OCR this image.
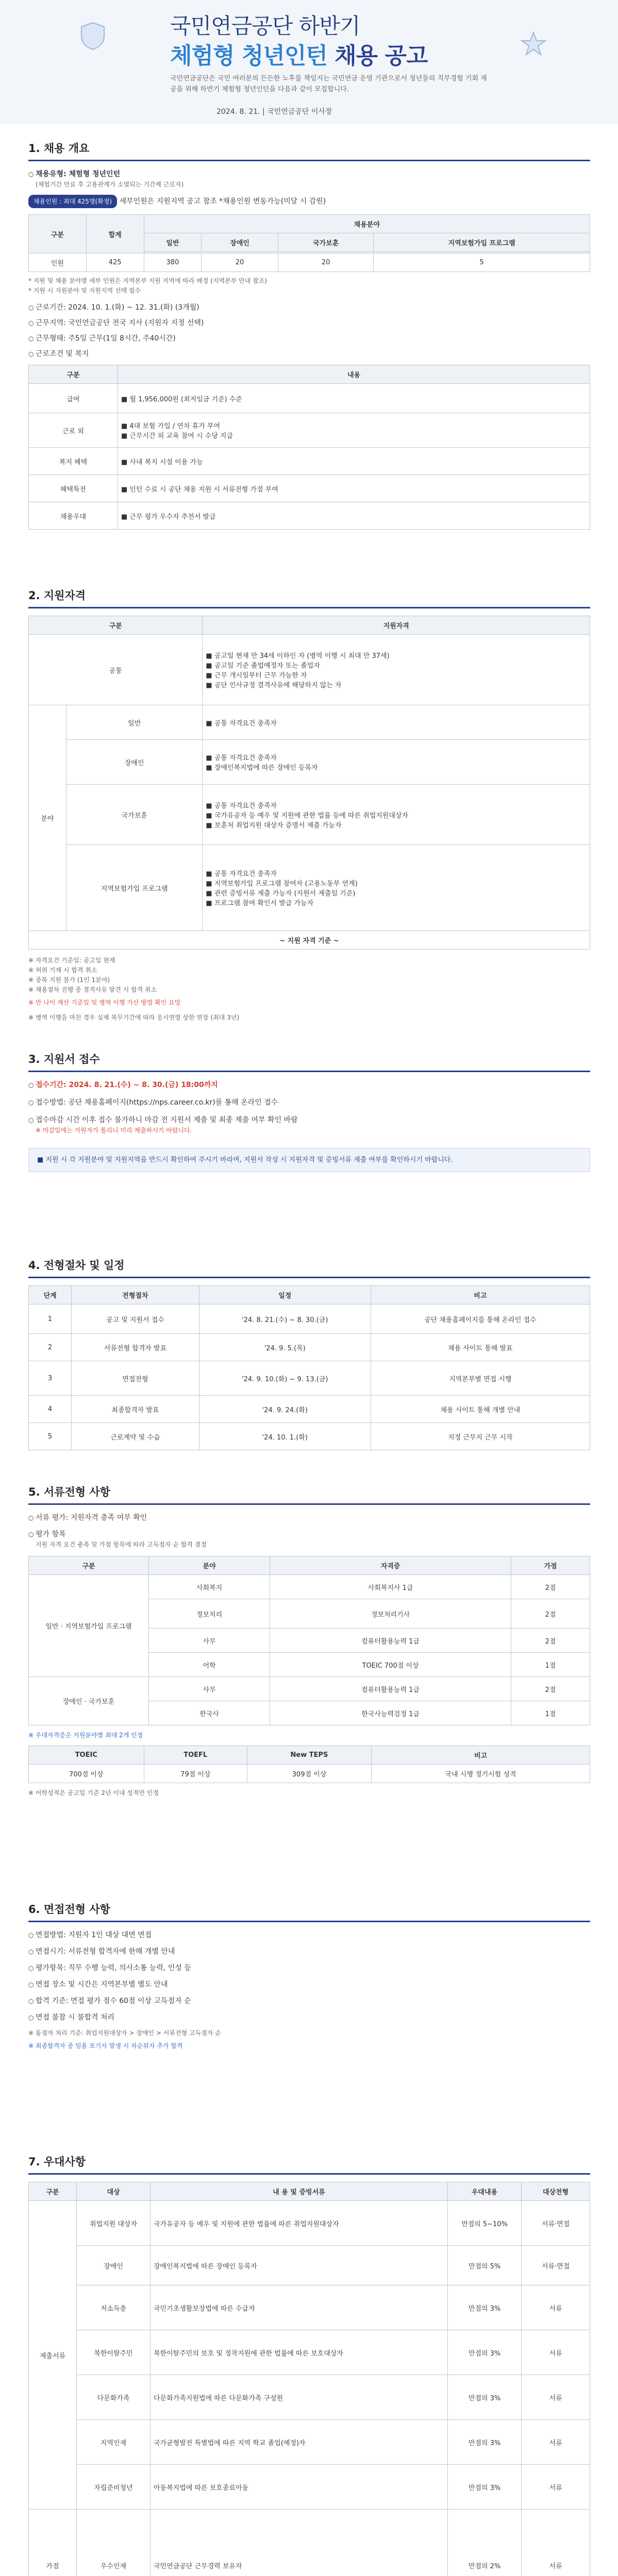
국민연금공단 하반기
체험형 청년인턴 채용 공고
국민연금공단은 국민 여러분의 든든한 노후를 책임지는 국민연금 운영 기관으로서 청년들의 직무경험 기회 제공을 위해 하반기 체험형 청년인턴을 다음과 같이 모집합니다.
2024. 8. 21. | 국민연금공단 이사장
1. 채용 개요

○ 채용유형: 체험형 청년인턴

(체험기간 만료 후 고용관계가 소멸되는 기간제 근로자)

채용인원 : 최대 425명(확정) 세부인원은 지원지역 공고 참조 *채용인원 변동가능(미달 시 감원)

구분	합계	채용분야			
		일반	장애인	국가보훈	지역보험가입 프로그램

인원	425	380	20	20	5

* 지원 및 채용 분야별 세부 인원은 지역본부 지원 지역에 따라 배정 (지역본부 안내 참조)

* 지원 시 지원분야 및 지원지역 선택 필수

○ 근로기간: 2024. 10. 1.(화) ~ 12. 31.(화) (3개월)

○ 근무지역: 국민연금공단 전국 지사 (지원자 지정 선택)

○ 근무형태: 주5일 근무(1일 8시간, 주40시간)

○ 근로조건 및 복지

구분	내용
급여	■ 월 1,956,000원 (최저임금 기준) 수준
근로 외	■ 4대 보험 가입 / 연차 휴가 부여
■ 근무시간 외 교육 참여 시 수당 지급
복지 혜택	■ 사내 복지 시설 이용 가능
혜택특전	■ 인턴 수료 시 공단 채용 지원 시 서류전형 가점 부여
채용우대	■ 근무 평가 우수자 추천서 발급
2. 지원자격
구분		지원자격
공통		■ 공고일 현재 만 34세 이하인 자 (병역 이행 시 최대 만 37세)
■ 공고일 기준 졸업예정자 또는 졸업자
■ 근무 개시일부터 근무 가능한 자
■ 공단 인사규정 결격사유에 해당하지 않는 자
분야	일반	■ 공통 자격요건 충족자
	장애인	■ 공통 자격요건 충족자
■ 장애인복지법에 따른 장애인 등록자
	국가보훈	■ 공통 자격요건 충족자
■ 국가유공자 등 예우 및 지원에 관한 법률 등에 따른 취업지원대상자
■ 보훈처 취업지원 대상자 증명서 제출 가능자
	지역보험가입 프로그램	■ 공통 자격요건 충족자
■ 지역보험가입 프로그램 참여자 (고용노동부 연계)
■ 관련 증빙서류 제출 가능자 (지원서 제출일 기준)
■ 프로그램 참여 확인서 발급 가능자
~ 지원 자격 기준 ~		

※ 자격요건 기준일: 공고일 현재

※ 허위 기재 시 합격 취소

※ 중복 지원 불가 (1인 1분야)

※ 채용절차 진행 중 결격사유 발견 시 합격 취소

※ 만 나이 계산 기준일 및 병역 이행 가산 방법 확인 요망

※ 병역 이행을 마친 경우 실제 복무기간에 따라 응시연령 상한 연장 (최대 3년)

3. 지원서 접수

○ 접수기간: 2024. 8. 21.(수) ~ 8. 30.(금) 18:00까지

○ 접수방법: 공단 채용홈페이지(https://nps.career.co.kr)를 통해 온라인 접수

○ 접수마감 시간 이후 접수 불가하니 마감 전 지원서 제출 및 최종 제출 여부 확인 바람

※ 마감일에는 지원자가 몰리니 미리 제출하시기 바랍니다.

■ 지원 시 각 지원분야 및 지원지역을 반드시 확인하여 주시기 바라며, 지원서 작성 시 지원자격 및 증빙서류 제출 여부를 확인하시기 바랍니다.
4. 전형절차 및 일정
단계	전형절차	일정	비고
1	공고 및 지원서 접수	'24. 8. 21.(수) ~ 8. 30.(금)	공단 채용홈페이지를 통해 온라인 접수
2	서류전형 합격자 발표	'24. 9. 5.(목)	채용 사이트 통해 발표
3	면접전형	'24. 9. 10.(화) ~ 9. 13.(금)	지역본부별 면접 시행
4	최종합격자 발표	'24. 9. 24.(화)	채용 사이트 통해 개별 안내
5	근로계약 및 수습	'24. 10. 1.(화)	지정 근무지 근무 시작
5. 서류전형 사항

○ 서류 평가: 지원자격 충족 여부 확인

○ 평가 항목

지원 자격 요건 충족 및 가점 항목에 따라 고득점자 순 합격 결정

구분	분야	자격증	가점
일반 · 지역보험가입 프로그램	사회복지	사회복지사 1급	2점
	정보처리	정보처리기사	2점
	사무	컴퓨터활용능력 1급	2점
	어학	TOEIC 700점 이상	1점
장애인 · 국가보훈	사무	컴퓨터활용능력 1급	2점
	한국사	한국사능력검정 1급	1점

※ 우대자격증은 지원분야별 최대 2개 인정

TOEIC	TOEFL	New TEPS	비고
700점 이상	79점 이상	309점 이상	국내 시행 정기시험 성적

※ 어학성적은 공고일 기준 2년 이내 성적만 인정

6. 면접전형 사항

○ 면접방법: 지원자 1인 대상 대면 면접

○ 면접시기: 서류전형 합격자에 한해 개별 안내

○ 평가항목: 직무 수행 능력, 의사소통 능력, 인성 등

○ 면접 장소 및 시간은 지역본부별 별도 안내

○ 합격 기준: 면접 평가 점수 60점 이상 고득점자 순

○ 면접 불참 시 불합격 처리

※ 동점자 처리 기준: 취업지원대상자 > 장애인 > 서류전형 고득점자 순

※ 최종합격자 중 임용 포기자 발생 시 차순위자 추가 합격

7. 우대사항
구분	대상	내 용 및 증빙서류	우대내용	대상전형
제출서류	취업지원 대상자	국가유공자 등 예우 및 지원에 관한 법률에 따른 취업지원대상자	만점의 5~10%	서류·면접
	장애인	장애인복지법에 따른 장애인 등록자	만점의 5%	서류·면접
	저소득층	국민기초생활보장법에 따른 수급자	만점의 3%	서류
	북한이탈주민	북한이탈주민의 보호 및 정착지원에 관한 법률에 따른 보호대상자	만점의 3%	서류
	다문화가족	다문화가족지원법에 따른 다문화가족 구성원	만점의 3%	서류
	지역인재	국가균형발전 특별법에 따른 지역 학교 졸업(예정)자	만점의 3%	서류
	자립준비청년	아동복지법에 따른 보호종료아동	만점의 3%	서류
가점	우수인재	국민연금공단 근무경력 보유자	만점의 2%	서류
